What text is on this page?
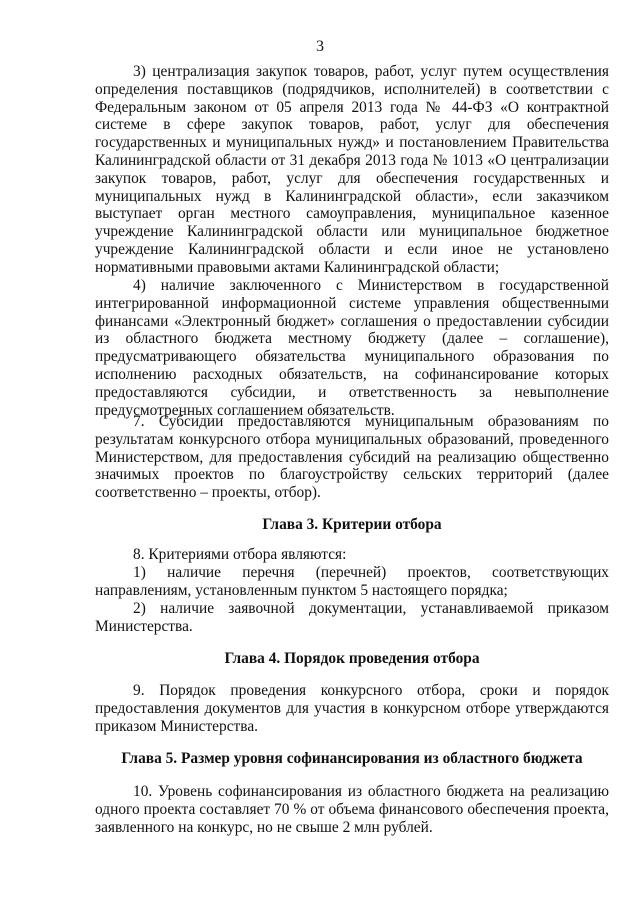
3
3) централизация закупок товаров, работ, услуг путем осуществления определения поставщиков (подрядчиков, исполнителей) в соответствии с Федеральным законом от 05 апреля 2013 года № 44-ФЗ «О контрактной системе в сфере закупок товаров, работ, услуг для обеспечения государственных и муниципальных нужд» и постановлением Правительства Калининградской области от 31 декабря 2013 года № 1013 «О централизации закупок товаров, работ, услуг для обеспечения государственных и муниципальных нужд в Калининградской области», если заказчиком выступает орган местного самоуправления, муниципальное казенное учреждение Калининградской области или муниципальное бюджетное учреждение Калининградской области и если иное не установлено нормативными правовыми актами Калининградской области;
4) наличие заключенного с Министерством в государственной интегрированной информационной системе управления общественными финансами «Электронный бюджет» соглашения о предоставлении субсидии из областного бюджета местному бюджету (далее – соглашение), предусматривающего обязательства муниципального образования по исполнению расходных обязательств, на софинансирование которых предоставляются субсидии, и ответственность за невыполнение предусмотренных соглашением обязательств.
7. Субсидии предоставляются муниципальным образованиям по результатам конкурсного отбора муниципальных образований, проведенного Министерством, для предоставления субсидий на реализацию общественно значимых проектов по благоустройству сельских территорий (далее соответственно – проекты, отбор).
Глава 3. Критерии отбора
8. Критериями отбора являются:
1) наличие перечня (перечней) проектов, соответствующих направлениям, установленным пунктом 5 настоящего порядка;
2) наличие заявочной документации, устанавливаемой приказом Министерства.
Глава 4. Порядок проведения отбора
9. Порядок проведения конкурсного отбора, сроки и порядок предоставления документов для участия в конкурсном отборе утверждаются приказом Министерства.
Глава 5. Размер уровня софинансирования из областного бюджета
10. Уровень софинансирования из областного бюджета на реализацию одного проекта составляет 70 % от объема финансового обеспечения проекта, заявленного на конкурс, но не свыше 2 млн рублей.
